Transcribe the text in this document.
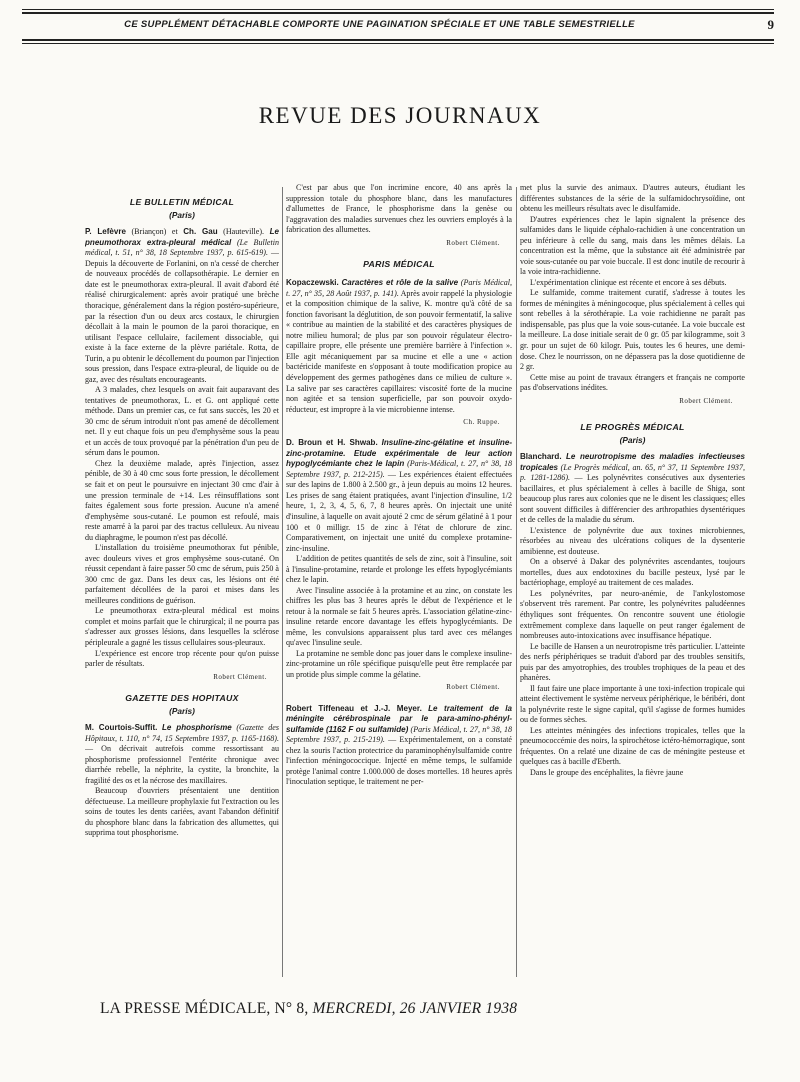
CE SUPPLÉMENT DÉTACHABLE COMPORTE UNE PAGINATION SPÉCIALE ET UNE TABLE SEMESTRIELLE	9
REVUE DES JOURNAUX
LE BULLETIN MÉDICAL
(Paris)

P. Lefèvre (Briançon) et Ch. Gau (Hauteville). Le pneumothorax extra-pleural médical (Le Bulletin médical, t. 51, n° 38, 18 Septembre 1937, p. 615-619). — Depuis la découverte de Forlanini, on n'a cessé de chercher de nouveaux procédés de collapsothérapie. Le dernier en date est le pneumothorax extra-pleural. Il avait d'abord été réalisé chirurgicalement: après avoir pratiqué une brèche thoracique, généralement dans la région postéro-supérieure, par la résection d'un ou deux arcs costaux, le chirurgien décollait à la main le poumon de la paroi thoracique, en utilisant l'espace cellulaire, facilement dissociable, qui existe à la face externe de la plèvre pariétale. Rotta, de Turin, a pu obtenir le décollement du poumon par l'injection sous pression, dans l'espace extra-pleural, de liquide ou de gaz, avec des résultats encourageants.

A 3 malades, chez lesquels on avait fait auparavant des tentatives de pneumothorax, L. et G. ont appliqué cette méthode. Dans un premier cas, ce fut sans succès, les 20 et 30 cmc de sérum introduit n'ont pas amené de décollement net. Il y eut chaque fois un peu d'emphysème sous la peau et un accès de toux provoqué par la pénétration d'un peu de sérum dans le poumon.

Chez la deuxième malade, après l'injection, assez pénible, de 30 à 40 cmc sous forte pression, le décollement se fait et on peut le poursuivre en injectant 30 cmc d'air à une pression terminale de +14. Les réinsufflations sont faites également sous forte pression. Aucune n'a amené d'emphysème sous-cutané. Le poumon est refoulé, mais reste amarré à la paroi par des tractus celluleux. Au niveau du diaphragme, le poumon n'est pas décollé.

L'installation du troisième pneumothorax fut pénible, avec douleurs vives et gros emphysème sous-cutané. On réussit cependant à faire passer 50 cmc de sérum, puis 250 à 300 cmc de gaz. Dans les deux cas, les lésions ont été parfaitement décollées de la paroi et mises dans les meilleures conditions de guérison.

Le pneumothorax extra-pleural médical est moins complet et moins parfait que le chirurgical; il ne pourra pas s'adresser aux grosses lésions, dans lesquelles la sclérose péripleurale a gagné les tissus cellulaires sous-pleuraux.

L'expérience est encore trop récente pour qu'on puisse parler de résultats.

Robert Clément.
GAZETTE DES HOPITAUX
(Paris)

M. Courtois-Suffit. Le phosphorisme (Gazette des Hôpitaux, t. 110, n° 74, 15 Septembre 1937, p. 1165-1168). — On décrivait autrefois comme ressortissant au phosphorisme professionnel l'entérite chronique avec diarrhée rebelle, la néphrite, la cystite, la bronchite, la fragilité des os et la nécrose des maxillaires.

Beaucoup d'ouvriers présentaient une dentition défectueuse. La meilleure prophylaxie fut l'extraction ou les soins de toutes les dents cariées, avant l'abandon définitif du phosphore blanc dans la fabrication des allumettes, qui supprima tout phosphorisme.

C'est par abus que l'on incrimine encore, 40 ans après la suppression totale du phosphore blanc, dans les manufactures d'allumettes de France, le phosphorisme dans la genèse ou l'aggravation des maladies survenues chez les ouvriers employés à la fabrication des allumettes.

Robert Clément.
PARIS MÉDICAL

Kopaczewski. Caractères et rôle de la salive (Paris Médical, t. 27, n° 35, 28 Août 1937, p. 141). Après avoir rappelé la physiologie et la composition chimique de la salive, K. montre qu'à côté de sa fonction favorisant la déglutition, de son pouvoir fermentatif, la salive « contribue au maintien de la stabilité et des caractères physiques de notre milieu humoral; de plus par son pouvoir régulateur électro-capillaire propre, elle présente une première barrière à l'infection ». Elle agit mécaniquement par sa mucine et elle a une « action bactéricide manifeste en s'opposant à toute modification propice au développement des germes pathogènes dans ce milieu de culture ». La salive par ses caractères capillaires: viscosité forte de la mucine non agitée et sa tension superficielle, par son pouvoir oxydo-réducteur, est impropre à la vie microbienne intense.

Ch. Ruppe.

D. Broun et H. Shwab. Insuline-zinc-gélatine et insuline-zinc-protamine. Etude expérimentale de leur action hypoglycémiante chez le lapin (Paris-Médical, t. 27, n° 38, 18 Septembre 1937, p. 212-215). — Les expériences étaient effectuées sur des lapins de 1.800 à 2.500 gr., à jeun depuis au moins 12 heures. Les prises de sang étaient pratiquées, avant l'injection d'insuline, 1/2 heure, 1, 2, 3, 4, 5, 6, 7, 8 heures après. On injectait une unité d'insuline, à laquelle on avait ajouté 2 cmc de sérum gélatiné à 1 pour 100 et 0 milligr. 15 de zinc à l'état de chlorure de zinc. Comparativement, on injectait une unité du complexe protamine-zinc-insuline.

L'addition de petites quantités de sels de zinc, soit à l'insuline, soit à l'insuline-protamine, retarde et prolonge les effets hypoglycémiants chez le lapin.

Avec l'insuline associée à la protamine et au zinc, on constate les chiffres les plus bas 3 heures après le début de l'expérience et le retour à la normale se fait 5 heures après. L'association gélatine-zinc-insuline retarde encore davantage les effets hypoglycémiants. De même, les convulsions apparaissent plus tard avec ces mélanges qu'avec l'insuline seule.

La protamine ne semble donc pas jouer dans le complexe insuline-zinc-protamine un rôle spécifique puisqu'elle peut être remplacée par un protide plus simple comme la gélatine.

Robert Clément.

Robert Tiffeneau et J.-J. Meyer. Le traitement de la méningite cérébrospinale par le para-amino-phényl-sulfamide (1162 F ou sulfamide) (Paris Médical, t. 27, n° 38, 18 Septembre 1937, p. 215-219). — Expérimentalement, on a constaté chez la souris l'action protectrice du paraminophénylsulfamide contre l'infection méningococcique. Injecté en même temps, le sulfamide protège l'animal contre 1.000.000 de doses mortelles. 18 heures après l'inoculation septique, le traitement ne per-

met plus la survie des animaux. D'autres auteurs, étudiant les différentes substances de la série de la sulfamidochrysoïdine, ont obtenu les meilleurs résultats avec le disulfamide.

D'autres expériences chez le lapin signalent la présence des sulfamides dans le liquide céphalo-rachidien à une concentration un peu inférieure à celle du sang, mais dans les mêmes délais. La concentration est la même, que la substance ait été administrée par voie sous-cutanée ou par voie buccale. Il est donc inutile de recourir à la voie intra-rachidienne.

L'expérimentation clinique est récente et encore à ses débuts.

Le sulfamide, comme traitement curatif, s'adresse à toutes les formes de méningites à méningocoque, plus spécialement à celles qui sont rebelles à la sérothérapie. La voie rachidienne ne paraît pas indispensable, pas plus que la voie sous-cutanée. La voie buccale est la meilleure. La dose initiale serait de 0 gr. 05 par kilogramme, soit 3 gr. pour un sujet de 60 kilogr. Puis, toutes les 6 heures, une demi-dose. Chez le nourrisson, on ne dépassera pas la dose quotidienne de 2 gr.

Cette mise au point de travaux étrangers et français ne comporte pas d'observations inédites.

Robert Clément.
LE PROGRÈS MÉDICAL
(Paris)

Blanchard. Le neurotropisme des maladies infectieuses tropicales (Le Progrès médical, an. 65, n° 37, 11 Septembre 1937, p. 1281-1286). — Les polynévrites consécutives aux dysenteries bacillaires, et plus spécialement à celles à bacille de Shiga, sont beaucoup plus rares aux colonies que ne le disent les classiques; elles sont souvent difficiles à différencier des arthropathies dysentériques et de celles de la maladie du sérum.

L'existence de polynévrite due aux toxines microbiennes, résorbées au niveau des ulcérations coliques de la dysenterie amibienne, est douteuse.

On a observé à Dakar des polynévrites ascendantes, toujours mortelles, dues aux endotoxines du bacille pesteux, lysé par le bactériophage, employé au traitement de ces malades.

Les polynévrites, par neuro-anémie, de l'ankylostomose s'observent très rarement. Par contre, les polynévrites paludéennes éthyliques sont fréquentes. On rencontre souvent une étiologie extrêmement complexe dans laquelle on peut ranger également de nombreuses auto-intoxications avec insuffisance hépatique.

Le bacille de Hansen a un neurotropisme très particulier. L'atteinte des nerfs périphériques se traduit d'abord par des troubles sensitifs, puis par des amyotrophies, des troubles trophiques de la peau et des phanères.

Il faut faire une place importante à une toxi-infection tropicale qui atteint électivement le système nerveux périphérique, le béribéri, dont la polynévrite reste le signe capital, qu'il s'agisse de formes humides ou de formes sèches.

Les atteintes méningées des infections tropicales, telles que la pneumococcémie des noirs, la spirochétose ictéro-hémorragique, sont fréquentes. On a relaté une dizaine de cas de méningite pesteuse et quelques cas à bacille d'Eberth.

Dans le groupe des encéphalites, la fièvre jaune

LA PRESSE MÉDICALE, N° 8, MERCREDI, 26 JANVIER 1938
